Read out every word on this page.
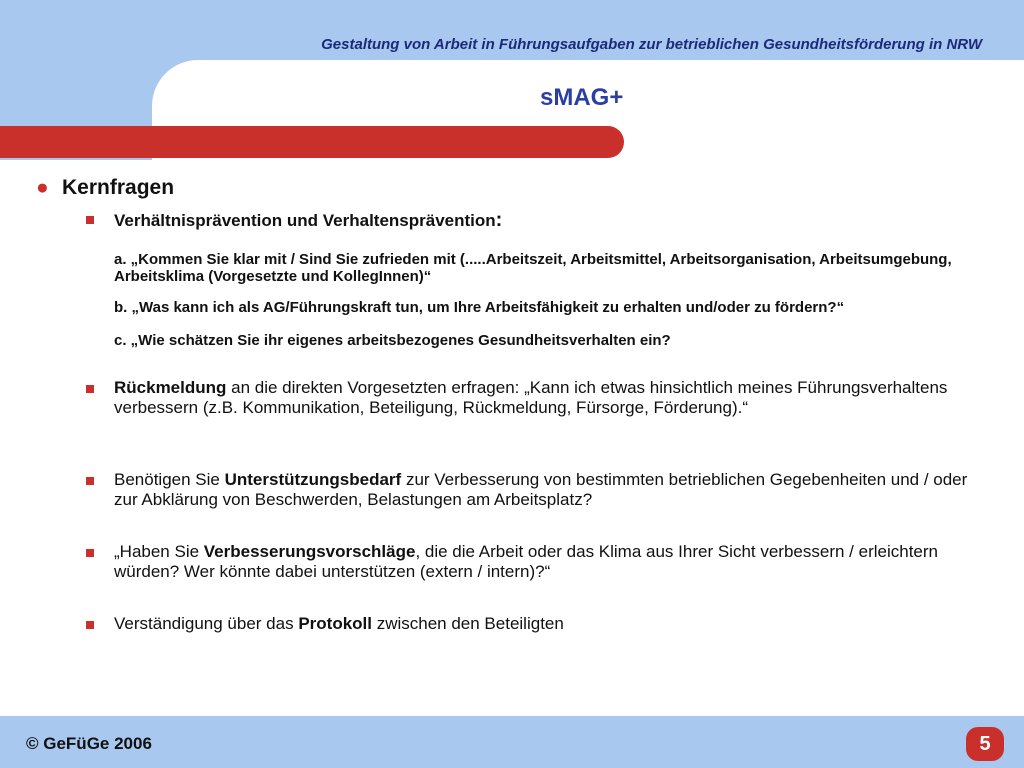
Gestaltung von Arbeit in Führungsaufgaben zur betrieblichen Gesundheitsförderung in NRW
sMAG+
● Kernfragen
Verhältnisprävention und Verhaltensprävention:
a. „Kommen Sie klar mit / Sind Sie zufrieden mit (.....Arbeitszeit, Arbeitsmittel, Arbeitsorganisation, Arbeitsumgebung, Arbeitsklima (Vorgesetzte und KollegInnen)“
b. „Was kann ich als AG/Führungskraft tun, um Ihre Arbeitsfähigkeit zu erhalten und/oder zu fördern?“
c. „Wie schätzen Sie ihr eigenes arbeitsbezogenes Gesundheitsverhalten ein?
Rückmeldung an die direkten Vorgesetzten erfragen: „Kann ich etwas hinsichtlich meines Führungsverhaltens verbessern (z.B. Kommunikation, Beteiligung, Rückmeldung, Fürsorge, Förderung).“
Benötigen Sie Unterstützungsbedarf zur Verbesserung von bestimmten betrieblichen Gegebenheiten und / oder zur Abklärung von Beschwerden, Belastungen am Arbeitsplatz?
„Haben Sie Verbesserungsvorschläge, die die Arbeit oder das Klima aus Ihrer Sicht verbessern / erleichtern würden? Wer könnte dabei unterstützen (extern / intern)?“
Verständigung über das Protokoll zwischen den Beteiligten
© GeFüGe 2006	5
